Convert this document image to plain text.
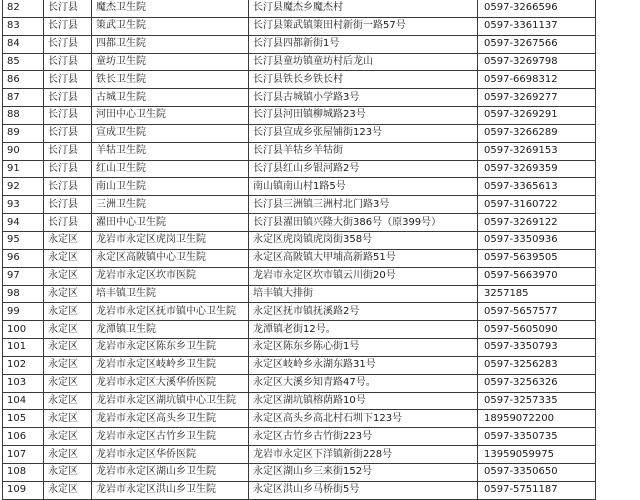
82	长汀县	魔杰卫生院	长汀县魔杰乡魔杰村	0597-3266596
83	长汀县	策武卫生院	长汀县策武镇策田村新街一路57号	0597-3361137
84	长汀县	四都卫生院	长汀县四都新街1号	0597-3267566
85	长汀县	童坊卫生院	长汀县童坊镇童坊村后龙山	0597-3269798
86	长汀县	铁长卫生院	长汀县铁长乡铁长村	0597-6698312
87	长汀县	古城卫生院	长汀县古城镇小学路3号	0597-3269277
88	长汀县	河田中心卫生院	长汀县河田镇柳城路23号	0597-3269291
89	长汀县	宣成卫生院	长汀县宣成乡张屋铺街123号	0597-3266289
90	长汀县	羊牯卫生院	长汀县羊牯乡羊牯街	0597-3269153
91	长汀县	红山卫生院	长汀县红山乡银河路2号	0597-3269359
92	长汀县	南山卫生院	南山镇南山村1路5号	0597-3365613
93	长汀县	三洲卫生院	长汀县三洲镇三洲村北门路3号	0597-3160722
94	长汀县	濯田中心卫生院	长汀县濯田镇兴隆大街386号（原399号）	0597-3269122
95	永定区	龙岩市永定区虎岗卫生院	永定区虎岗镇虎岗街358号	0597-3350936
96	永定区	永定区高陂镇中心卫生院	永定区高陂镇大甲埔高新路51号	0597-5639505
97	永定区	龙岩市永定区坎市医院	龙岩市永定区坎市镇云川街20号	0597-5663970
98	永定区	培丰镇卫生院	培丰镇大排街	3257185
99	永定区	龙岩市永定区抚市镇中心卫生院	永定区抚市镇抚溪路2号	0597-5657577
100	永定区	龙潭镇卫生院	龙潭镇老街12号。	0597-5605090
101	永定区	龙岩市永定区陈东乡卫生院	永定区陈东乡陈心街1号	0597-3350793
102	永定区	龙岩市永定区岐岭乡卫生院	永定区岐岭乡永湖东路31号	0597-3256283
103	永定区	龙岩市永定区大溪华侨医院	永定区大溪乡知青路47号。	0597-3256326
104	永定区	龙岩市永定区湖坑镇中心卫生院	永定区湖坑镇榕荫路10号	0597-3257335
105	永定区	龙岩市永定区高头乡卫生院	永定区高头乡高北村石圳下123号	18959072200
106	永定区	龙岩市永定区古竹乡卫生院	永定区古竹乡古竹街223号	0597-3350735
107	永定区	龙岩市永定区华侨医院	龙岩市永定区下洋镇新街228号	13959059975
108	永定区	龙岩市永定区湖山乡卫生院	永定区湖山乡三来街152号	0597-3350650
109	永定区	龙岩市永定区洪山乡卫生院	永定区洪山乡马桥街5号	0597-5751187
